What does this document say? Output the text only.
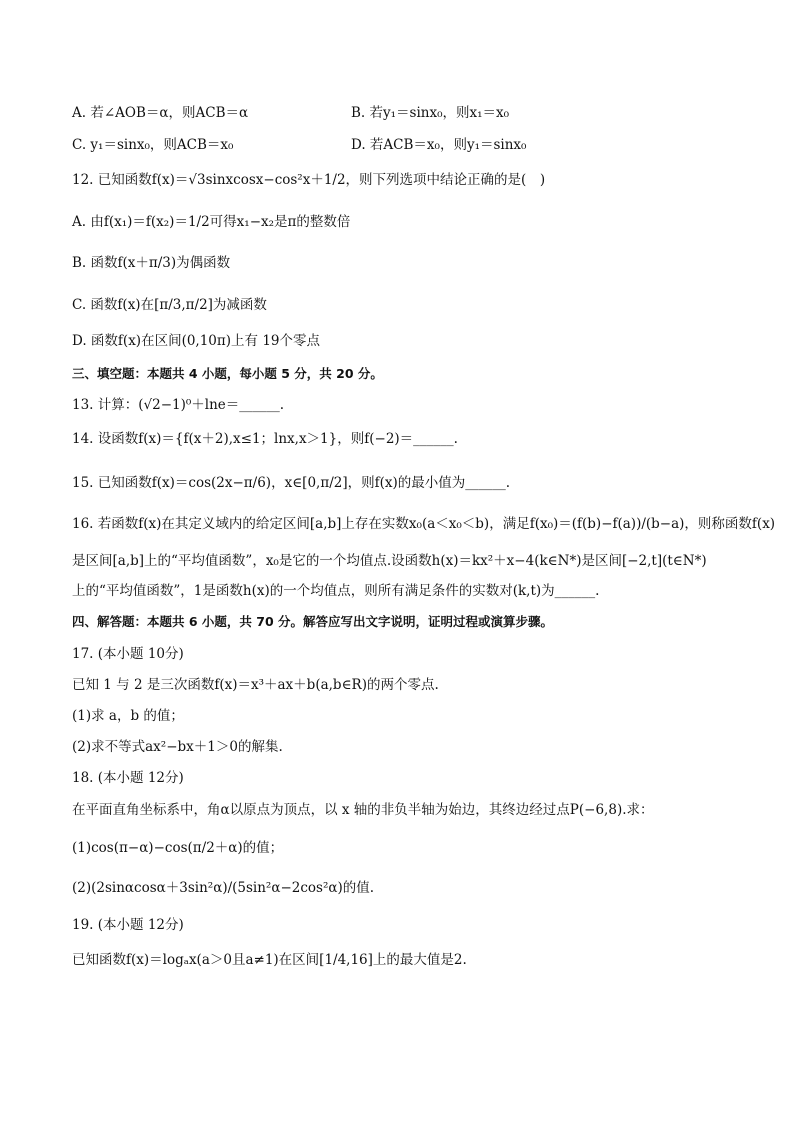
A. 若∠AOB＝α，则ACB＝α	B. 若y₁＝sinx₀，则x₁＝x₀
C. y₁＝sinx₀，则ACB＝x₀	D. 若ACB＝x₀，则y₁＝sinx₀
12. 已知函数f(x)＝√3sinxcosx−cos²x＋1/2，则下列选项中结论正确的是(　)
A. 由f(x₁)＝f(x₂)＝1/2可得x₁−x₂是π的整数倍
B. 函数f(x＋π/3)为偶函数
C. 函数f(x)在[π/3,π/2]为减函数
D. 函数f(x)在区间(0,10π)上有 19个零点
三、填空题：本题共 4 小题，每小题 5 分，共 20 分。
13. 计算：(√2−1)⁰＋lne＝______.
14. 设函数f(x)＝{f(x＋2),x≤1；lnx,x＞1}，则f(−2)＝______.
15. 已知函数f(x)＝cos(2x−π/6)，x∈[0,π/2]，则f(x)的最小值为______.
16. 若函数f(x)在其定义域内的给定区间[a,b]上存在实数x₀(a＜x₀＜b)，满足f(x₀)＝(f(b)−f(a))/(b−a)，则称函数f(x)
是区间[a,b]上的“平均值函数”，x₀是它的一个均值点.设函数h(x)＝kx²＋x−4(k∈N*)是区间[−2,t](t∈N*)
上的“平均值函数”，1是函数h(x)的一个均值点，则所有满足条件的实数对(k,t)为______.
四、解答题：本题共 6 小题，共 70 分。解答应写出文字说明，证明过程或演算步骤。
17. (本小题 10分)
已知 1 与 2 是三次函数f(x)＝x³＋ax＋b(a,b∈R)的两个零点.
(1)求 a，b 的值；
(2)求不等式ax²−bx＋1＞0的解集.
18. (本小题 12分)
在平面直角坐标系中，角α以原点为顶点，以 x 轴的非负半轴为始边，其终边经过点P(−6,8).求：
(1)cos(π−α)−cos(π/2＋α)的值；
(2)(2sinαcosα＋3sin²α)/(5sin²α−2cos²α)的值.
19. (本小题 12分)
已知函数f(x)＝logₐx(a＞0且a≠1)在区间[1/4,16]上的最大值是2.
